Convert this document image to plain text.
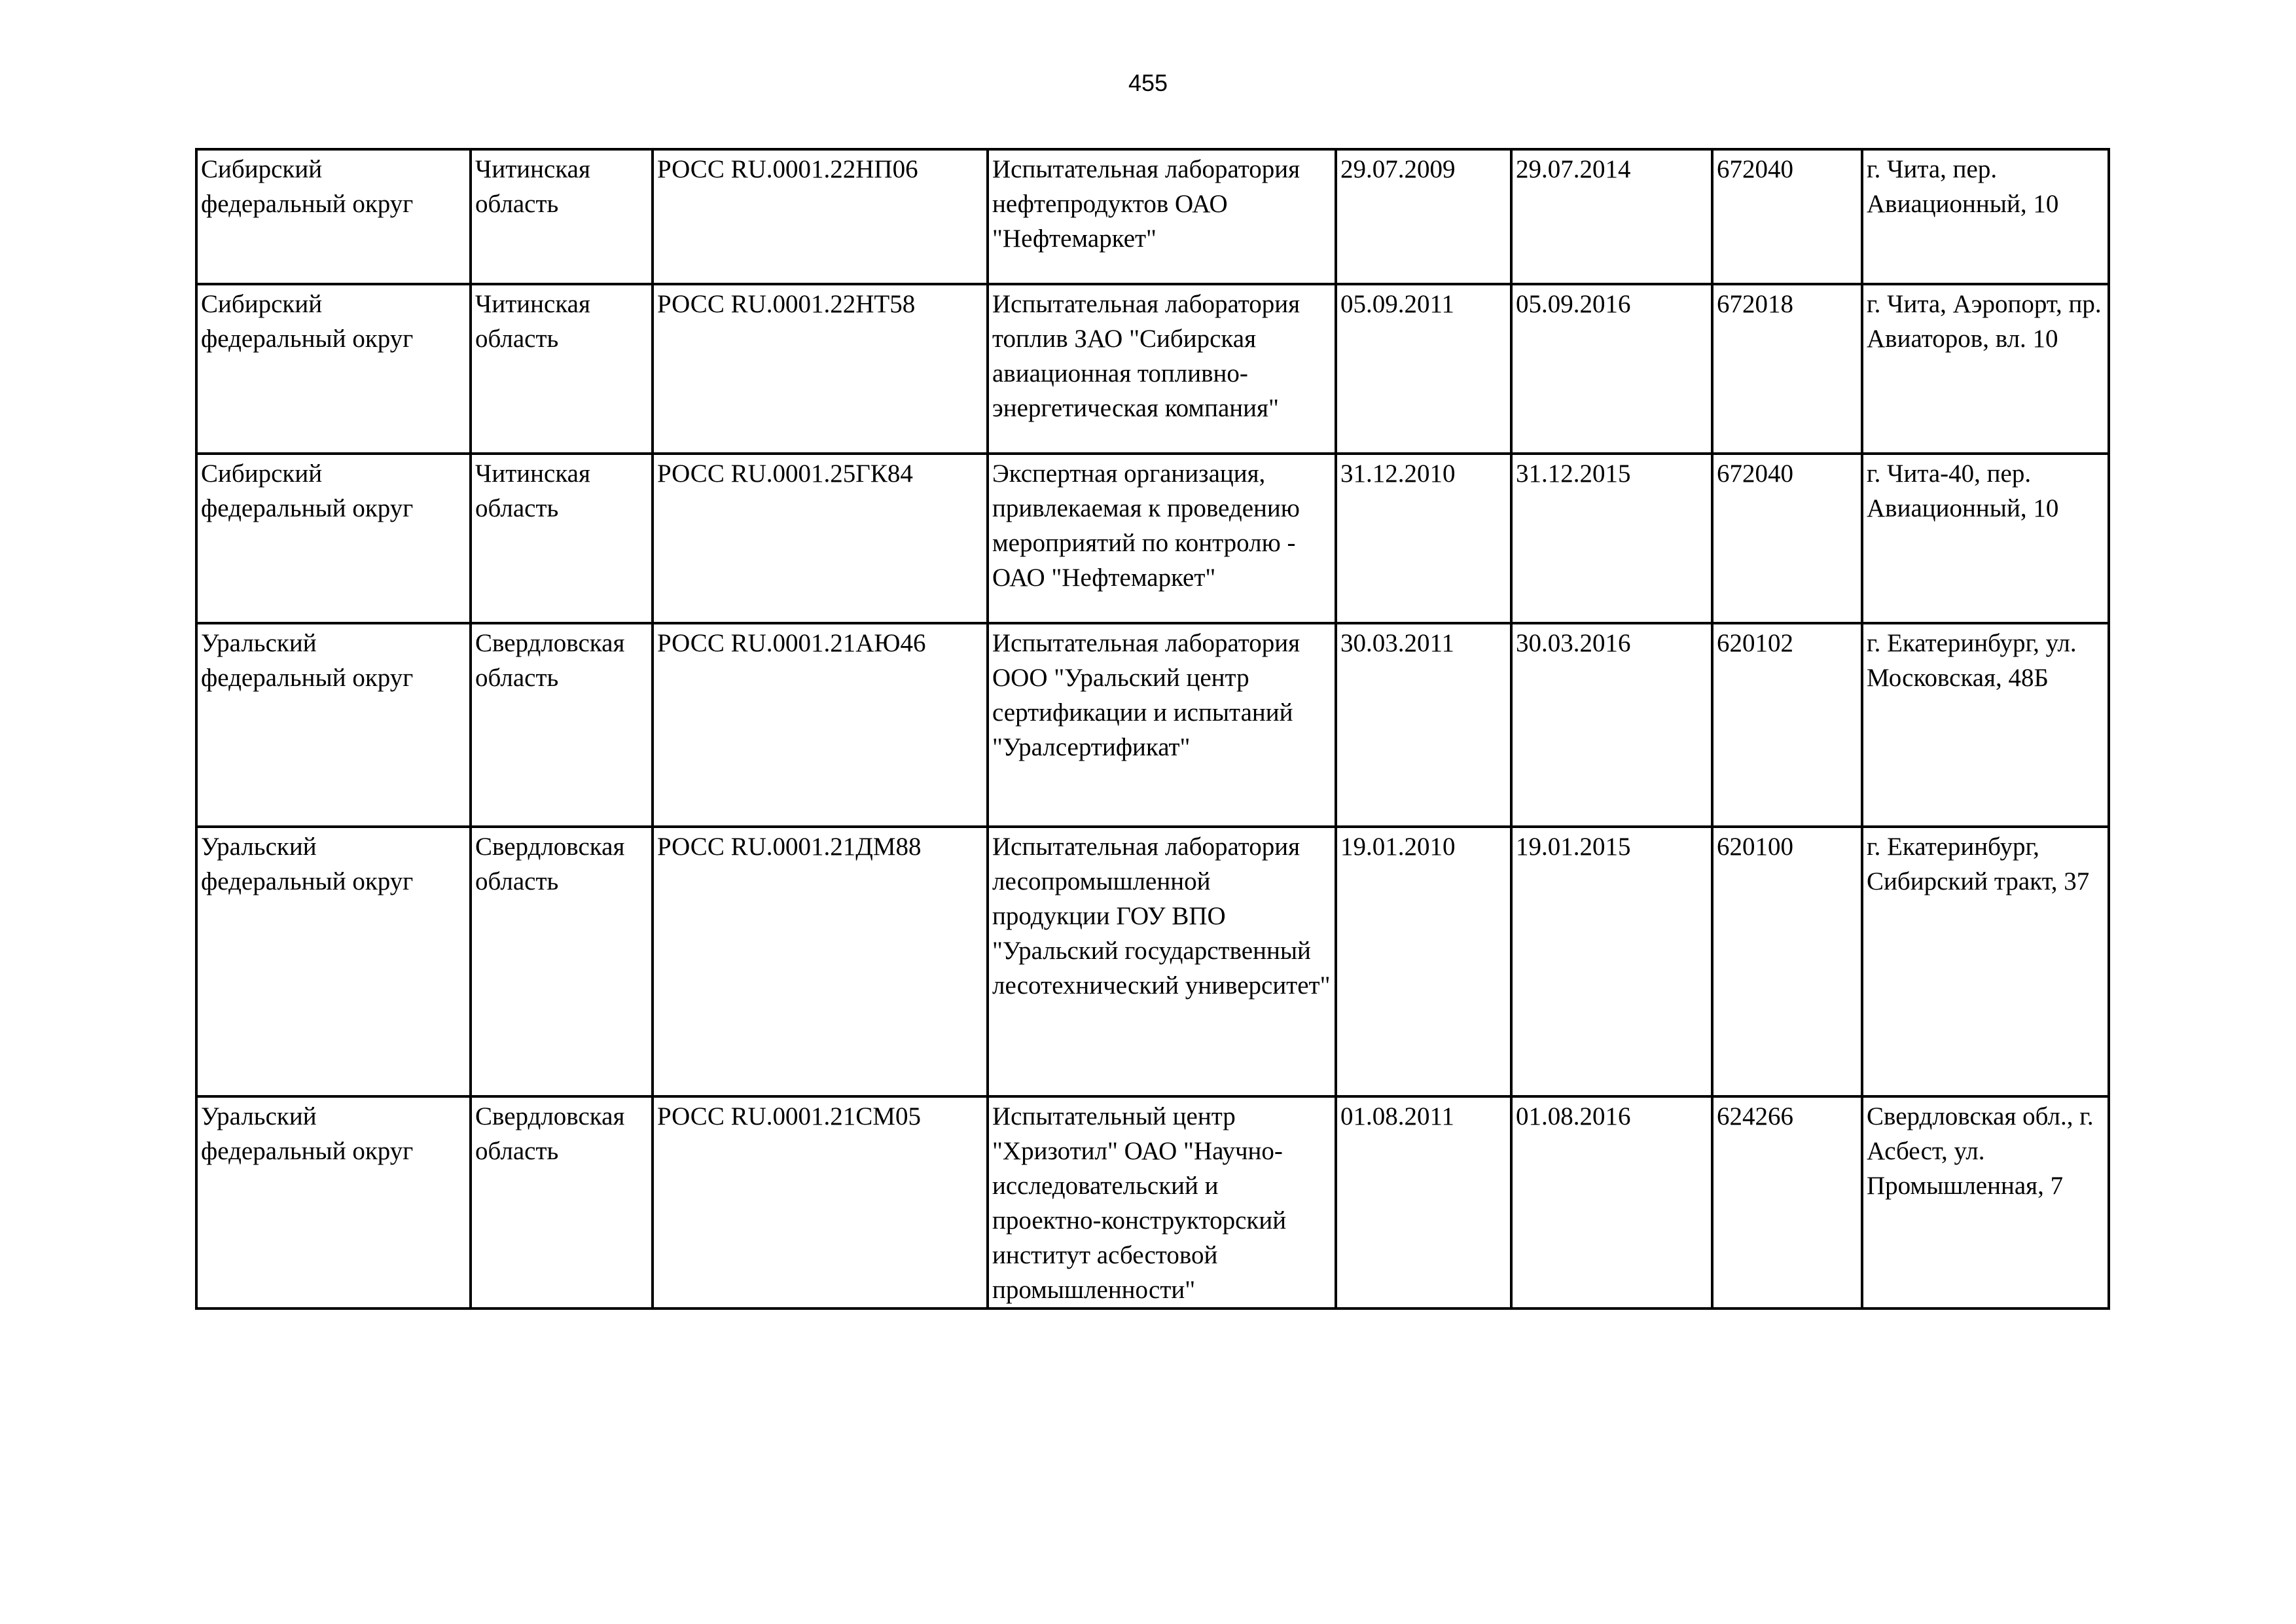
455
Сибирский федеральный округ	Читинская область	РОСС RU.0001.22НП06	Испытательная лаборатория нефтепродуктов ОАО "Нефтемаркет"	29.07.2009	29.07.2014	672040	г. Чита, пер. Авиационный, 10
Сибирский федеральный округ	Читинская область	РОСС RU.0001.22НТ58	Испытательная лаборатория топлив ЗАО "Сибирская авиационная топливно-энергетическая компания"	05.09.2011	05.09.2016	672018	г. Чита, Аэропорт, пр. Авиаторов, вл. 10
Сибирский федеральный округ	Читинская область	РОСС RU.0001.25ГК84	Экспертная организация, привлекаемая к проведению мероприятий по контролю - ОАО "Нефтемаркет"	31.12.2010	31.12.2015	672040	г. Чита-40, пер. Авиационный, 10
Уральский федеральный округ	Свердловская область	РОСС RU.0001.21АЮ46	Испытательная лаборатория ООО "Уральский центр сертификации и испытаний "Уралсертификат"	30.03.2011	30.03.2016	620102	г. Екатеринбург, ул. Московская, 48Б
Уральский федеральный округ	Свердловская область	РОСС RU.0001.21ДМ88	Испытательная лаборатория лесопромышленной продукции ГОУ ВПО "Уральский государственный лесотехнический университет"	19.01.2010	19.01.2015	620100	г. Екатеринбург, Сибирский тракт, 37
Уральский федеральный округ	Свердловская область	РОСС RU.0001.21СМ05	Испытательный центр "Хризотил" ОАО "Научно-исследовательский и проектно-конструкторский институт асбестовой промышленности"	01.08.2011	01.08.2016	624266	Свердловская обл., г. Асбест, ул. Промышленная, 7
